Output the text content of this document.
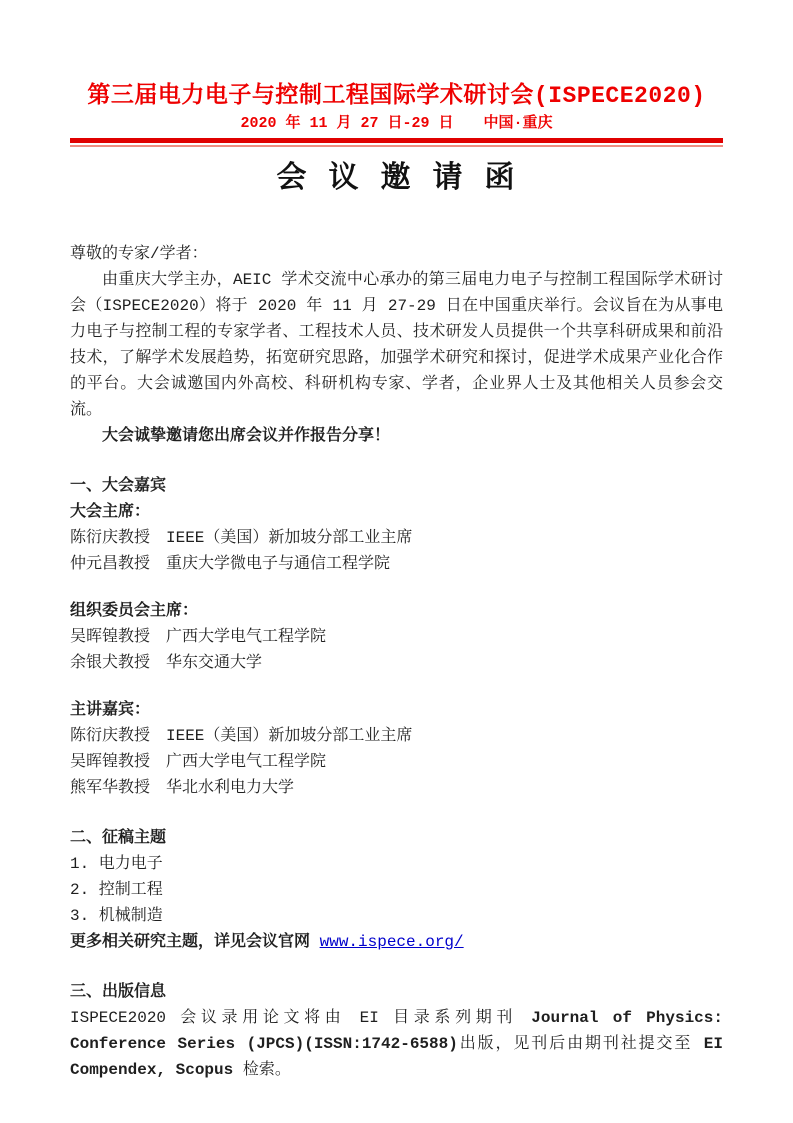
第三届电力电子与控制工程国际学术研讨会(ISPECE2020)
2020 年 11 月 27 日-29 日　　中国·重庆
会 议 邀 请 函

尊敬的专家/学者：

由重庆大学主办，AEIC 学术交流中心承办的第三届电力电子与控制工程国际学术研讨会（ISPECE2020）将于 2020 年 11 月 27-29 日在中国重庆举行。会议旨在为从事电力电子与控制工程的专家学者、工程技术人员、技术研发人员提供一个共享科研成果和前沿技术，了解学术发展趋势，拓宽研究思路，加强学术研究和探讨，促进学术成果产业化合作的平台。大会诚邀国内外高校、科研机构专家、学者，企业界人士及其他相关人员参会交流。

大会诚挚邀请您出席会议并作报告分享！

一、大会嘉宾

大会主席：

陈衍庆教授　IEEE（美国）新加坡分部工业主席

仲元昌教授　重庆大学微电子与通信工程学院

组织委员会主席：

吴晖锽教授　广西大学电气工程学院

余银犬教授　华东交通大学

主讲嘉宾：

陈衍庆教授　IEEE（美国）新加坡分部工业主席

吴晖锽教授　广西大学电气工程学院

熊军华教授　华北水利电力大学

二、征稿主题

1. 电力电子

2. 控制工程

3. 机械制造

更多相关研究主题，详见会议官网 www.ispece.org/

三、出版信息

ISPECE2020 会议录用论文将由 EI 目录系列期刊 Journal of Physics: Conference Series (JPCS)(ISSN:1742-6588)出版，见刊后由期刊社提交至 EI Compendex, Scopus 检索。
